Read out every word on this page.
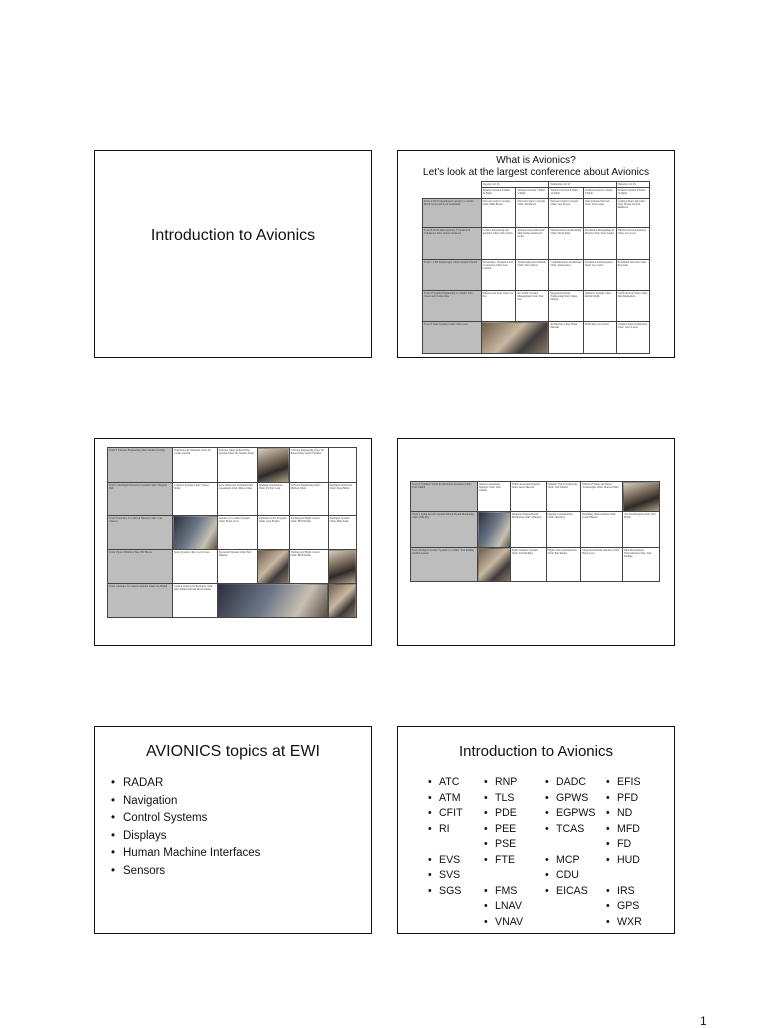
Introduction to Avionics
What is Avionics?
Let’s look at the largest conference about Avionics
	Tuesday, Oct 26		Wednesday, Oct 27		Thursday, Oct 28
	Technical Session 8:30am–12:30pm	Technical Session 1:30pm–5:30pm	Technical Session 8:30am–12:30pm	Technical Session 1:30pm–5:30pm	Technical Session 8:30am–12:30pm
Track A NCW Operational Concepts Co-Chairs: Mitch Jacobs and Scott Leschinsky	Network Centric Concepts Chair: Mike Boone	Network Centric Concepts Chair: Jim Brown	Network Centric Concepts Chair: Guy Norton	Joint Airborne Network Chair: Steve Jones	Common Data Link Chair: Terry Norton and Ted Matthews
Track B NCW Demonstration, Evaluation & Validation Chairs: Robert Anderson	C2 Data Networking and Analytics Chair: Jim Gordon	Airborne Data Link Chair: Skip Christa and David Lyons	Demonstration and Modeling Chair: David Allen	Information Management & Display Chair: Steve Gaines	Wireless Network Analysis Chair: Lew Lowe
Track C CNS Technologies Chairs: Dennis Warden	Surveillance, Navigation and Cooperation Chair: Jack Leonard	Technologies and Synthesis Chair: Dan Grafton	Communications Architecture Chair: Andrew Kos	Navigation and Integration Chair: Leo Corrie	Broadband Networks Chair: Ray Jones
Track D Systems Engineering Co-Chairs: Tom Ocean and Charles Ruis	Wireless and Tools Chair: Joe Poe	Air Traffic Systems Management Chair: Paul Ives	Integrated Systems Engineering Chair: James Morgan	Simulator Systems Chair: Kimble Smith	Certification & Safety Chair: Dan Zimmerman
Track E Open Systems Chairs: Dan Lewis			Architecture Chair: Brian Derouin	EMI Chair: Joe Landry	Common Open Architecture Chair: Gerry Lewis
Track F Software Engineering Chair: Richard Lindley	Verification & Validation Chair: Dr. Cecilia Gerrolli	Software Safety & Real Time Systems Chair: Dr. Nanette Sanqi		Software Engineering Chair: Dr. Robert Wiley and Ed Schiffer	
Track G Intelligent Interactive Systems Chair: Margaret Ball	Cognitive Systems Chair: Vernon Sidley	Crew Interaction and Intellectual Assessment Chair: Maire James	Intelligent Automation Chair: Dr. Earl Long	Software Engineering Chair: Michael Olson	Intelligent Interactive Chair: Doug Miller
Track H Avionics for UAVs & Missiles Chair: Cole Johnson		Avionics for Combat Systems Chair: Eldon Crow	Unmanned UAV Programs Chair: Greg Frisbee	Tracking and Flight Control Chair: Bill Pritchett	Intelligent Systems Chair: Mike Kelly
Track I Space Vehicles Chair: Bill Moore	Space Systems Chair: Larry Lowe	Spacecraft Systems Chair: Bob Dunstan		Tracking and Flight Control Chair: Bill Pritchett	
Track J Avionics for General Aviation Chair: Joe Brandi	General Aviation Technologies Chair: Jim Chamberlain and Russ Lamelle				
Track K Synthetic Vision & Situational Awareness Chair: Tom Schnell	Situation Awareness Displays Chair: Tom Schnell	Traffic Awareness Displays Chair: Jason Sherwin	Synthetic Vision Technology Chair: Tom Schnell	Enhanced Vision and Sensor Technologies Chair: Marcus Fidler	
Track L Aging Aircraft Systems/Vehicle Health Monitoring Chair: Ollie Roy		Integrated Vehicle Health Monitoring Chair: Ollie Roy	Upgrade Considerations Chair: Ollie Roy	Reliability Improvements Chair: Gerald Hansel	Test Technologies Chair: Tom Hollis
Track M Digital Avionics Systems Co-Chairs: Tom Redling and Bob Renner		Flight Guidance Systems Chair: Tom Redling	Flight Control Architectures Chair: Bob Renner	Integrated Modular Avionics Chair: Bruce Lyon	IMA Development Environments Chair: Tom Redling
AVIONICS topics at EWI
• RADAR
• Navigation
• Control Systems
• Displays
• Human Machine Interfaces
• Sensors
Introduction to Avionics
• ATC
• ATM
• CFIT
• RI
• EVS
• SVS
• SGS
• RNP
• TLS
• PDE
• PEE
• PSE
• FTE
• FMS
• LNAV
• VNAV
• DADC
• GPWS
• EGPWS
• TCAS
• MCP
• CDU
• EICAS
• EFIS
• PFD
• ND
• MFD
• FD
• HUD
• IRS
• GPS
• WXR
1
